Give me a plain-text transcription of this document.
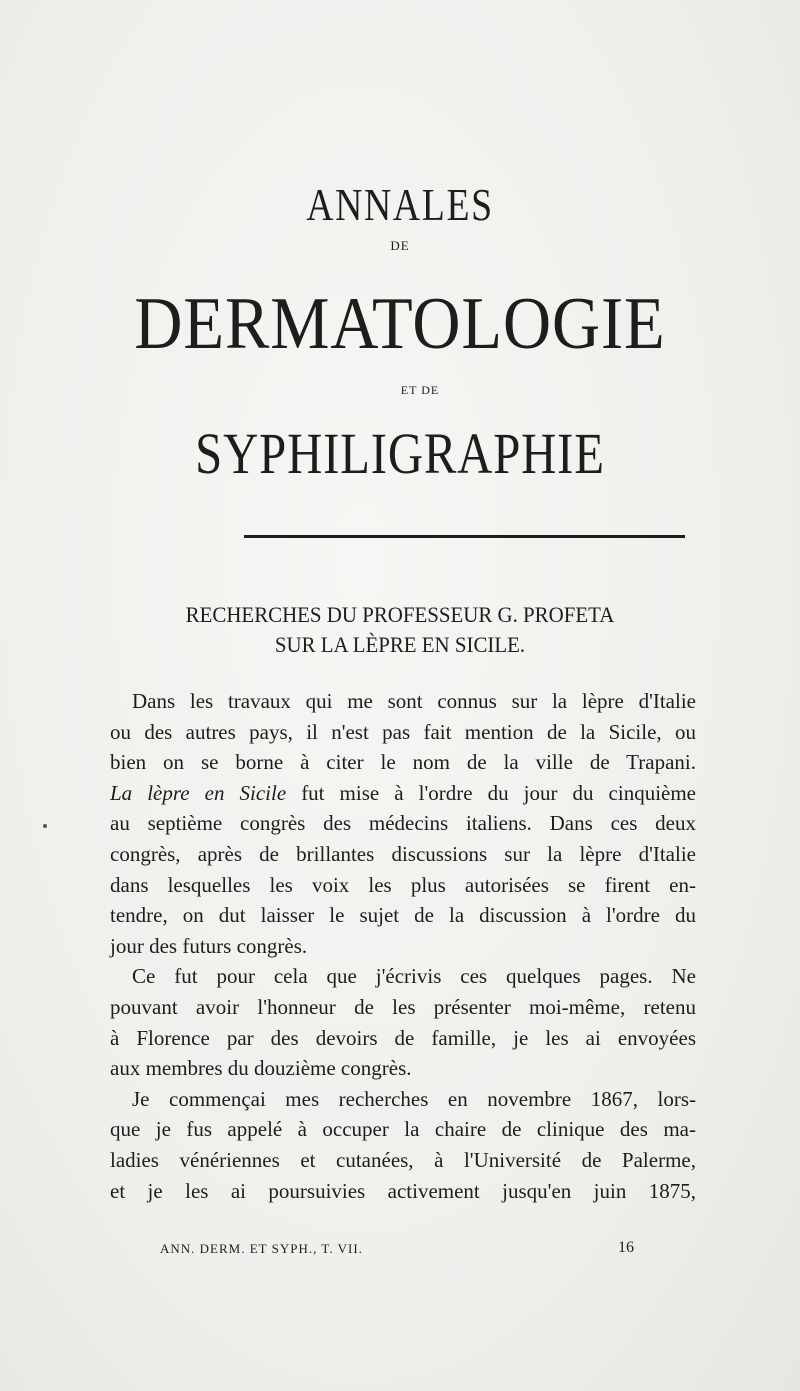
ANNALES
DE
DERMATOLOGIE
ET DE
SYPHILIGRAPHIE
RECHERCHES DU PROFESSEUR G. PROFETA
SUR LA LÈPRE EN SICILE.
Dans les travaux qui me sont connus sur la lèpre d'Italie
ou des autres pays, il n'est pas fait mention de la Sicile, ou
bien on se borne à citer le nom de la ville de Trapani.
La lèpre en Sicile fut mise à l'ordre du jour du cinquième
au septième congrès des médecins italiens. Dans ces deux
congrès, après de brillantes discussions sur la lèpre d'Italie
dans lesquelles les voix les plus autorisées se firent en-
tendre, on dut laisser le sujet de la discussion à l'ordre du
jour des futurs congrès.
Ce fut pour cela que j'écrivis ces quelques pages. Ne
pouvant avoir l'honneur de les présenter moi-même, retenu
à Florence par des devoirs de famille, je les ai envoyées
aux membres du douzième congrès.
Je commençai mes recherches en novembre 1867, lors-
que je fus appelé à occuper la chaire de clinique des ma-
ladies vénériennes et cutanées, à l'Université de Palerme,
et je les ai poursuivies activement jusqu'en juin 1875,
ANN. DERM. ET SYPH., T. VII.	16
